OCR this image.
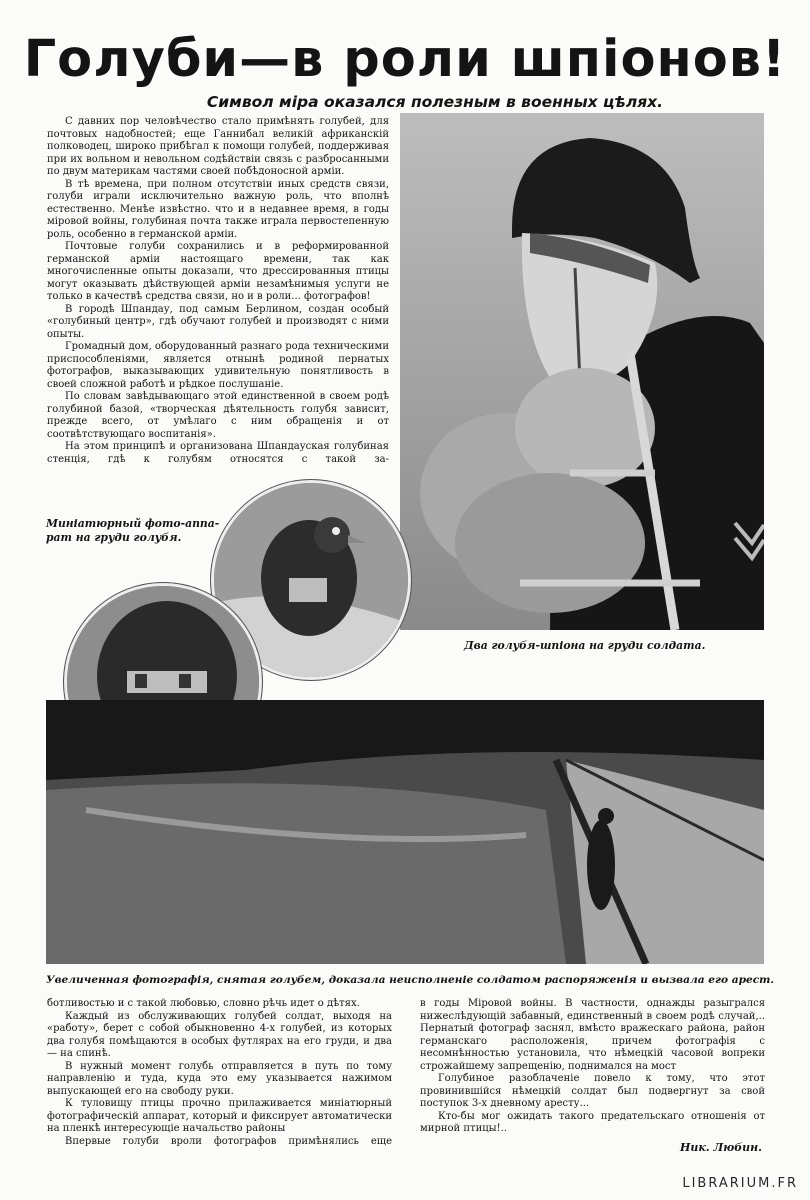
Голуби—в роли шпіонов!

Символ міра оказался полезным в военных цѣлях.

С давних пор человѣчество стало примѣнять голубей, для почтовых надобностей; еще Ганнибал великій африканскій полководец, широко прибѣгал к помощи голубей, поддерживая при их вольном и невольном содѣйствіи связь с разбросанными по двум материкам частями своей побѣдоносной арміи.

В тѣ времена, при полном отсутствіи иных средств связи, голуби играли исключительно важную роль, что вполнѣ естественно. Менѣе извѣстно. что и в недавнее время, в годы міровой войны, голубиная почта также играла первостепенную роль, особенно в германской арміи.

Почтовые голуби сохранились и в реформированной германской арміи настоящаго времени, так как многочисленные опыты доказали, что дрессированныя птицы могут оказывать дѣйствующей арміи незамѣнимыя услуги не только в качествѣ средства связи, но и в роли... фотографов!

В городѣ Шпандау, под самым Берлином, создан особый «голубиный центр», гдѣ обучают голубей и производят с ними опыты.

Громадный дом, оборудованный разнаго рода техническими приспособленіями, является отнынѣ родиной пернатых фотографов, выказывающих удивительную понятливость в своей сложной работѣ и рѣдкое послушаніе.

По словам завѣдывающаго этой единственной в своем родѣ голубиной базой, «творческая дѣятельность голубя зависит, прежде всего, от умѣлаго с ним обращенія и от соотвѣтствующаго воспитанія».

На этом принципѣ и организована Шпандауская голубиная стенція, гдѣ к голубям относятся с такой за-

Миніатюрный фото-аппа-
рат на груди голубя.

Два голубя-шпіона на груди солдата.

Увеличенная фотографія, снятая голубем, доказала неисполненіе солдатом распоряженія и вызвала его арест.

ботливостью и с такой любовью, словно рѣчь идет о дѣтях.

Каждый из обслуживающих голубей солдат, выходя на «работу», берет с собой обыкновенно 4-х голубей, из которых два голубя помѣщаются в особых футлярах на его груди, и два — на спинѣ.

В нужный момент голубь отправляется в путь по тому направленію и туда, куда это ему указывается нажимом выпускающей его на свободу руки.

К туловищу птицы прочно прилаживается миніатюрный фотографическій аппарат, который и фиксирует автоматически на пленкѣ интересующіе начальство районы

Впервые голуби вроли фотографов примѣнялись еще

в годы Міровой войны. В частности, однажды разыгрался нижеслѣдующій забавный, единственный в своем родѣ случай,.. Пернатый фотограф заснял, вмѣсто вражескаго района, район германскаго расположенія, причем фотографія с несомнѣнностью установила, что нѣмецкій часовой вопреки строжайшему запрещенію, поднимался на мост

Голубиное разоблаченіе повело к тому, что этот провинившійся нѣмецкій солдат был подвергнут за свой поступок 3-х дневному аресту...

Кто-бы мог ожидать такого предательскаго отношенія от мирной птицы!..

Ник. Любин.

LIBRARIUM.FR
